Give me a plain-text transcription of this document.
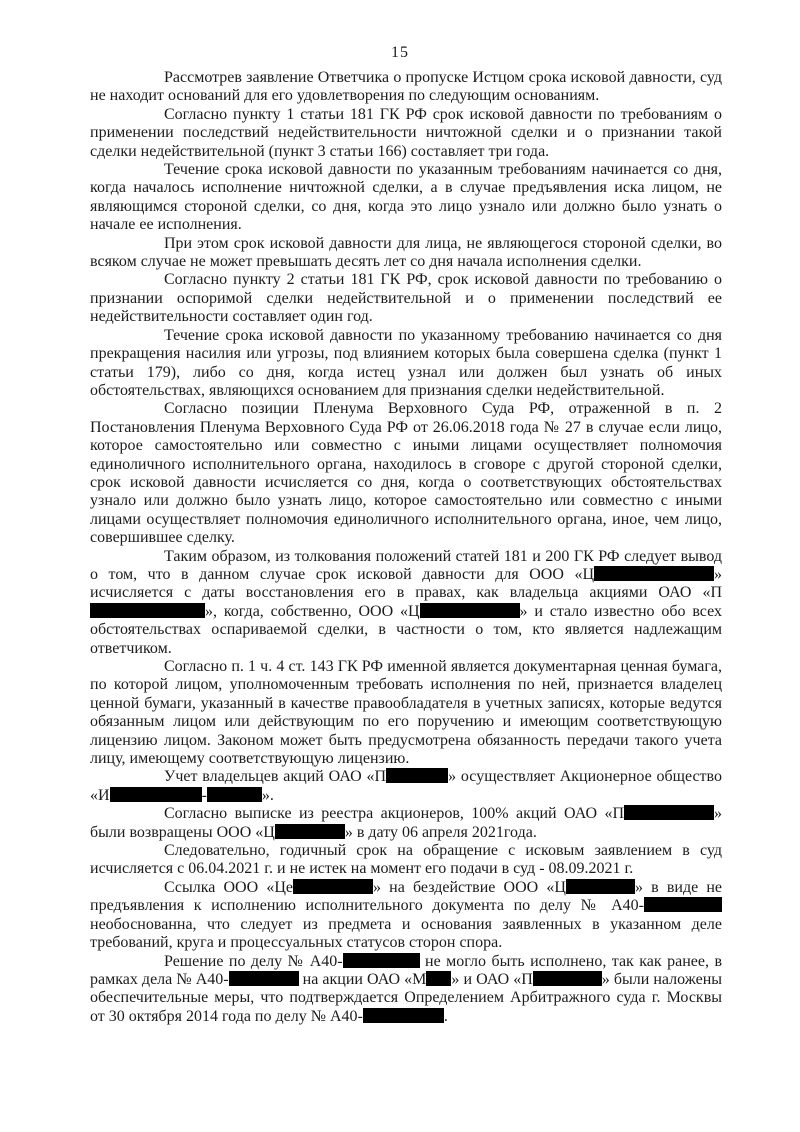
15

Рассмотрев заявление Ответчика о пропуске Истцом срока исковой давности, суд не находит оснований для его удовлетворения по следующим основаниям.

Согласно пункту 1 статьи 181 ГК РФ срок исковой давности по требованиям о применении последствий недействительности ничтожной сделки и о признании такой сделки недействительной (пункт 3 статьи 166) составляет три года.

Течение срока исковой давности по указанным требованиям начинается со дня, когда началось исполнение ничтожной сделки, а в случае предъявления иска лицом, не являющимся стороной сделки, со дня, когда это лицо узнало или должно было узнать о начале ее исполнения.

При этом срок исковой давности для лица, не являющегося стороной сделки, во всяком случае не может превышать десять лет со дня начала исполнения сделки.

Согласно пункту 2 статьи 181 ГК РФ, срок исковой давности по требованию о признании оспоримой сделки недействительной и о применении последствий ее недействительности составляет один год.

Течение срока исковой давности по указанному требованию начинается со дня прекращения насилия или угрозы, под влиянием которых была совершена сделка (пункт 1 статьи 179), либо со дня, когда истец узнал или должен был узнать об иных обстоятельствах, являющихся основанием для признания сделки недействительной.

Согласно позиции Пленума Верховного Суда РФ, отраженной в п. 2 Постановления Пленума Верховного Суда РФ от 26.06.2018 года № 27 в случае если лицо, которое самостоятельно или совместно с иными лицами осуществляет полномочия единоличного исполнительного органа, находилось в сговоре с другой стороной сделки, срок исковой давности исчисляется со дня, когда о соответствующих обстоятельствах узнало или должно было узнать лицо, которое самостоятельно или совместно с иными лицами осуществляет полномочия единоличного исполнительного органа, иное, чем лицо, совершившее сделку.

Таким образом, из толкования положений статей 181 и 200 ГК РФ следует вывод о том, что в данном случае срок исковой давности для ООО «Ц	» исчисляется с даты восстановления его в правах, как владельца акциями ОАО «П», когда, собственно, ООО «Ц	» и стало известно обо всех обстоятельствах оспариваемой сделки, в частности о том, кто является надлежащим ответчиком.

Согласно п. 1 ч. 4 ст. 143 ГК РФ именной является документарная ценная бумага, по которой лицом, уполномоченным требовать исполнения по ней, признается владелец ценной бумаги, указанный в качестве правообладателя в учетных записях, которые ведутся обязанным лицом или действующим по его поручению и имеющим соответствующую лицензию лицом. Законом может быть предусмотрена обязанность передачи такого учета лицу, имеющему соответствующую лицензию.

Учет владельцев акций ОАО «П	» осуществляет Акционерное общество «И	-	».

Согласно выписке из реестра акционеров, 100% акций ОАО «П	» были возвращены ООО «Ц	» в дату 06 апреля 2021года.

Следовательно, годичный срок на обращение с исковым заявлением в суд исчисляется с 06.04.2021 г. и не истек на момент его подачи в суд - 08.09.2021 г.

Ссылка ООО «Це	» на бездействие ООО «Ц	» в виде не предъявления к исполнению исполнительного документа по делу № А40- необоснованна, что следует из предмета и основания заявленных в указанном деле требований, круга и процессуальных статусов сторон спора.

Решение по делу № А40-	не могло быть исполнено, так как ранее, в рамках дела № А40-	на акции ОАО «М » и ОАО «П	» были наложены обеспечительные меры, что подтверждается Определением Арбитражного суда г. Москвы от 30 октября 2014 года по делу № А40-	.
